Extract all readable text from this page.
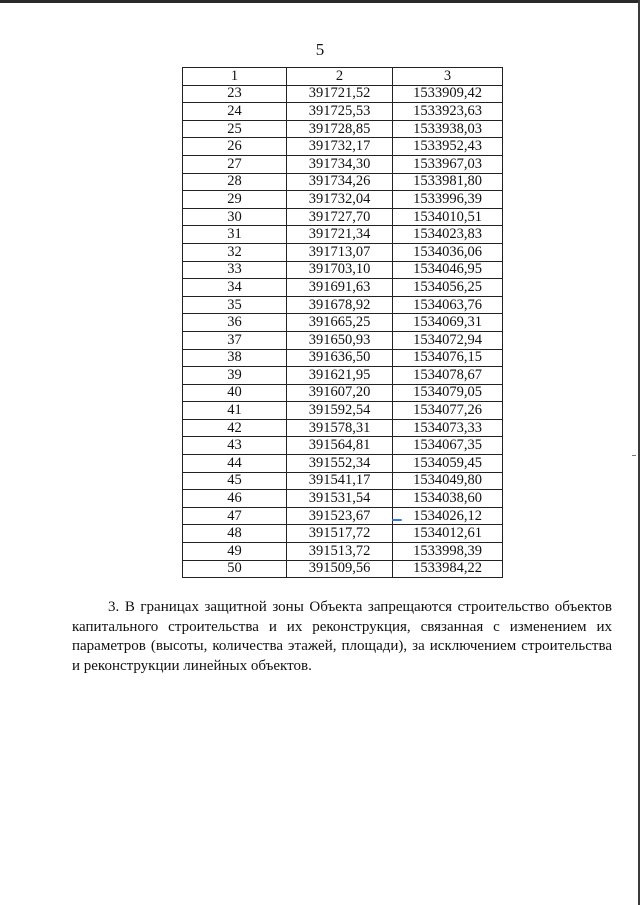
5
1	2	3
23	391721,52	1533909,42
24	391725,53	1533923,63
25	391728,85	1533938,03
26	391732,17	1533952,43
27	391734,30	1533967,03
28	391734,26	1533981,80
29	391732,04	1533996,39
30	391727,70	1534010,51
31	391721,34	1534023,83
32	391713,07	1534036,06
33	391703,10	1534046,95
34	391691,63	1534056,25
35	391678,92	1534063,76
36	391665,25	1534069,31
37	391650,93	1534072,94
38	391636,50	1534076,15
39	391621,95	1534078,67
40	391607,20	1534079,05
41	391592,54	1534077,26
42	391578,31	1534073,33
43	391564,81	1534067,35
44	391552,34	1534059,45
45	391541,17	1534049,80
46	391531,54	1534038,60
47	391523,67	1534026,12
48	391517,72	1534012,61
49	391513,72	1533998,39
50	391509,56	1533984,22

3. В границах защитной зоны Объекта запрещаются строительство объектов капитального строительства и их реконструкция, связанная с изменением их параметров (высоты, количества этажей, площади), за исключением строительства и реконструкции линейных объектов.
